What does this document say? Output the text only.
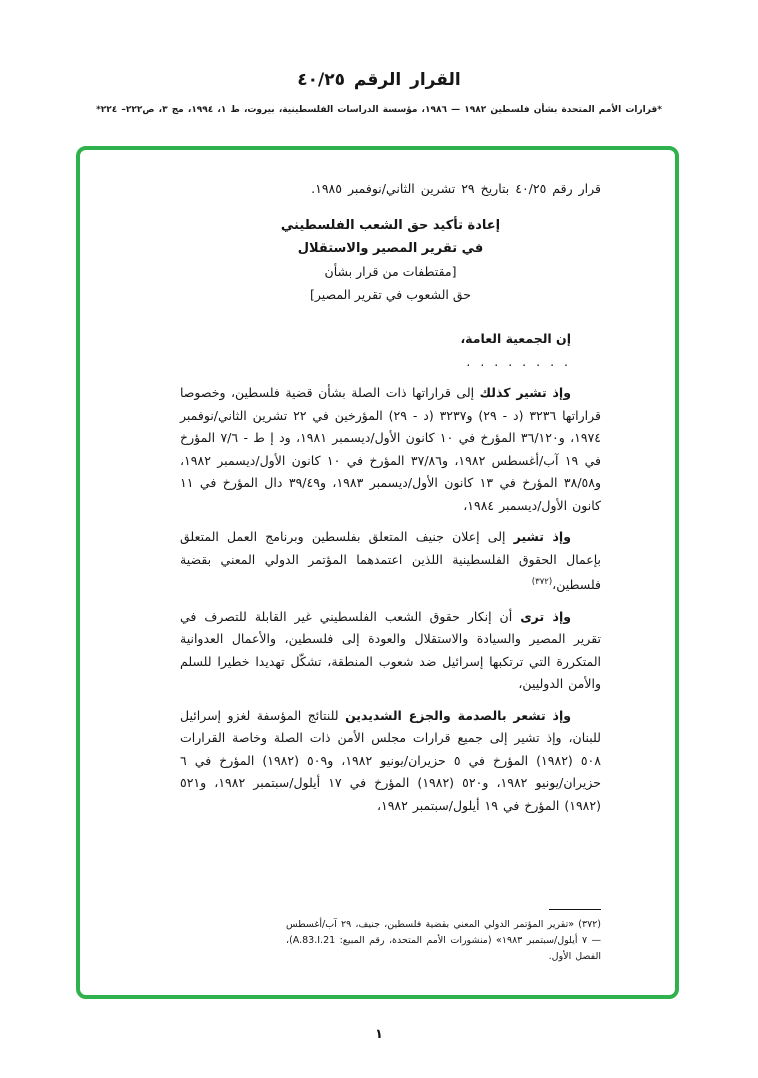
القرار الرقم ٤٠/٢٥
*قرارات الأمم المتحدة بشأن فلسطين ١٩٨٢ — ١٩٨٦، مؤسسة الدراسات الفلسطينية، بيروت، ط ١، ١٩٩٤، مج ٣، ص٢٢٢– ٢٢٤*

قرار رقم ٤٠/٢٥ بتاريخ ٢٩ تشرين الثاني/نوفمبر ١٩٨٥.

إعادة تأكيد حق الشعب الفلسطيني
في تقرير المصير والاستقلال
[مقتطفات من قرار بشأن
حق الشعوب في تقرير المصير]

إن الجمعية العامة،

. . . . . . . .

وإذ تشير كذلك إلى قراراتها ذات الصلة بشأن قضية فلسطين، وخصوصا قراراتها ٣٢٣٦ (د - ٢٩) و٣٢٣٧ (د - ٢٩) المؤرخين في ٢٢ تشرين الثاني/نوفمبر ١٩٧٤، و٣٦/١٢٠ المؤرخ في ١٠ كانون الأول/ديسمبر ١٩٨١، ود إ ط - ٧/٦ المؤرخ في ١٩ آب/أغسطس ١٩٨٢، و٣٧/٨٦ المؤرخ في ١٠ كانون الأول/ديسمبر ١٩٨٢، و٣٨/٥٨ المؤرخ في ١٣ كانون الأول/ديسمبر ١٩٨٣، و٣٩/٤٩ دال المؤرخ في ١١ كانون الأول/ديسمبر ١٩٨٤،

وإذ تشير إلى إعلان جنيف المتعلق بفلسطين وبرنامج العمل المتعلق بإعمال الحقوق الفلسطينية اللذين اعتمدهما المؤتمر الدولي المعني بقضية فلسطين،$^{(٣٧٢)}$

وإذ ترى أن إنكار حقوق الشعب الفلسطيني غير القابلة للتصرف في تقرير المصير والسيادة والاستقلال والعودة إلى فلسطين، والأعمال العدوانية المتكررة التي ترتكبها إسرائيل ضد شعوب المنطقة، تشكّل تهديدا خطيرا للسلم والأمن الدوليين،

وإذ تشعر بالصدمة والجزع الشديدين للنتائج المؤسفة لغزو إسرائيل للبنان، وإذ تشير إلى جميع قرارات مجلس الأمن ذات الصلة وخاصة القرارات ٥٠٨ (١٩٨٢) المؤرخ في ٥ حزيران/يونيو ١٩٨٢، و٥٠٩ (١٩٨٢) المؤرخ في ٦ حزيران/يونيو ١٩٨٢، و٥٢٠ (١٩٨٢) المؤرخ في ١٧ أيلول/سبتمبر ١٩٨٢، و٥٢١ (١٩٨٢) المؤرخ في ١٩ أيلول/سبتمبر ١٩٨٢،

(٣٧٢) «تقرير المؤتمر الدولي المعني بقضية فلسطين، جنيف، ٢٩ آب/أغسطس — ٧ أيلول/سبتمبر ١٩٨٣» (منشورات الأمم المتحدة، رقم المبيع: A.83.I.21)، الفصل الأول.

١
